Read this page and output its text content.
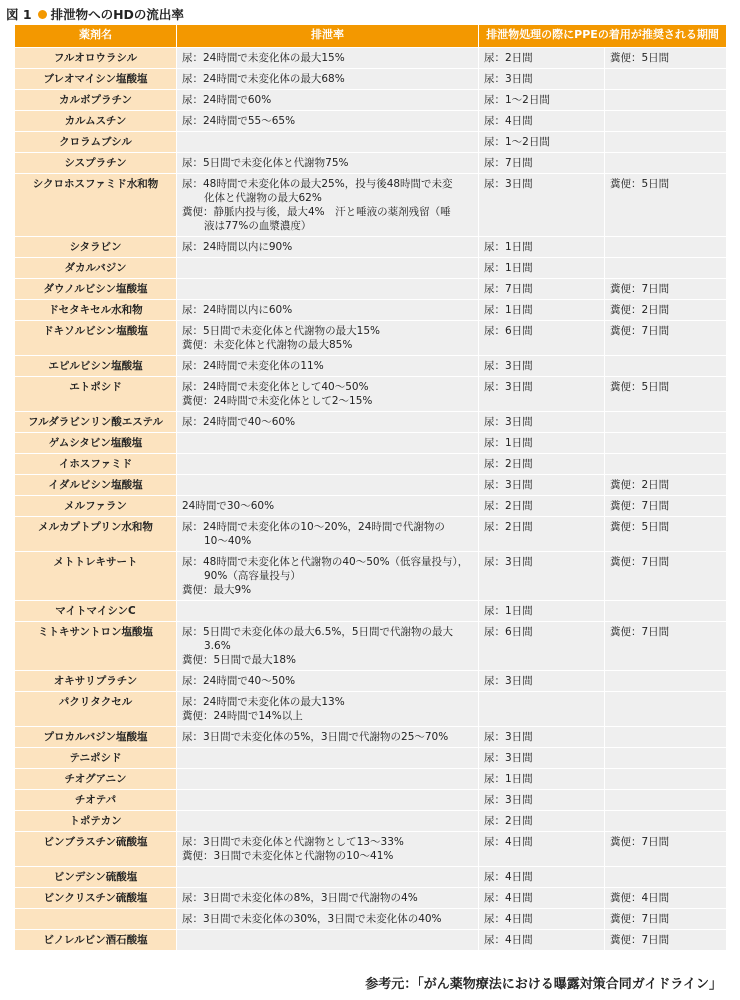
図 1 排泄物へのHDの流出率
薬剤名	排泄率	排泄物処理の際にPPEの着用が推奨される期間	
フルオロウラシル	尿：24時間で未変化体の最大15%	尿：2日間	糞便：5日間
ブレオマイシン塩酸塩	尿：24時間で未変化体の最大68%	尿：3日間	
カルボプラチン	尿：24時間で60%	尿：1～2日間	
カルムスチン	尿：24時間で55～65%	尿：4日間	
クロラムブシル		尿：1～2日間	
シスプラチン	尿：5日間で未変化体と代謝物75%	尿：7日間	
シクロホスファミド水和物	尿：48時間で未変化体の最大25%，投与後48時間で未変
化体と代謝物の最大62%
糞便：静脈内投与後，最大4%　汗と唾液の薬剤残留（唾
液は77%の血漿濃度）	尿：3日間	糞便：5日間
シタラビン	尿：24時間以内に90%	尿：1日間	
ダカルバジン		尿：1日間	
ダウノルビシン塩酸塩		尿：7日間	糞便：7日間
ドセタキセル水和物	尿：24時間以内に60%	尿：1日間	糞便：2日間
ドキソルビシン塩酸塩	尿：5日間で未変化体と代謝物の最大15%
糞便：未変化体と代謝物の最大85%	尿：6日間	糞便：7日間
エピルビシン塩酸塩	尿：24時間で未変化体の11%	尿：3日間	
エトポシド	尿：24時間で未変化体として40～50%
糞便：24時間で未変化体として2～15%	尿：3日間	糞便：5日間
フルダラビンリン酸エステル	尿：24時間で40～60%	尿：3日間	
ゲムシタビン塩酸塩		尿：1日間	
イホスファミド		尿：2日間	
イダルビシン塩酸塩		尿：3日間	糞便：2日間
メルファラン	24時間で30～60%	尿：2日間	糞便：7日間
メルカプトプリン水和物	尿：24時間で未変化体の10～20%，24時間で代謝物の
10～40%	尿：2日間	糞便：5日間
メトトレキサート	尿：48時間で未変化体と代謝物の40～50%（低容量投与），
90%（高容量投与）
糞便：最大9%	尿：3日間	糞便：7日間
マイトマイシンC		尿：1日間	
ミトキサントロン塩酸塩	尿：5日間で未変化体の最大6.5%，5日間で代謝物の最大
3.6%
糞便：5日間で最大18%	尿：6日間	糞便：7日間
オキサリプラチン	尿：24時間で40～50%	尿：3日間	
パクリタクセル	尿：24時間で未変化体の最大13%
糞便：24時間で14%以上		

プロカルバジン塩酸塩	尿：3日間で未変化体の5%，3日間で代謝物の25～70%	尿：3日間	
テニポシド		尿：3日間	
チオグアニン		尿：1日間	
チオテパ		尿：3日間	
トポテカン		尿：2日間	
ビンブラスチン硫酸塩	尿：3日間で未変化体と代謝物として13～33%
糞便：3日間で未変化体と代謝物の10～41%	尿：4日間	糞便：7日間
ビンデシン硫酸塩		尿：4日間	
ビンクリスチン硫酸塩	尿：3日間で未変化体の8%，3日間で代謝物の4%	尿：4日間	糞便：4日間

	尿：3日間で未変化体の30%，3日間で未変化体の40%	尿：4日間	糞便：7日間
ビノレルビン酒石酸塩		尿：4日間	糞便：7日間
参考元：「がん薬物療法における曝露対策合同ガイドライン」
